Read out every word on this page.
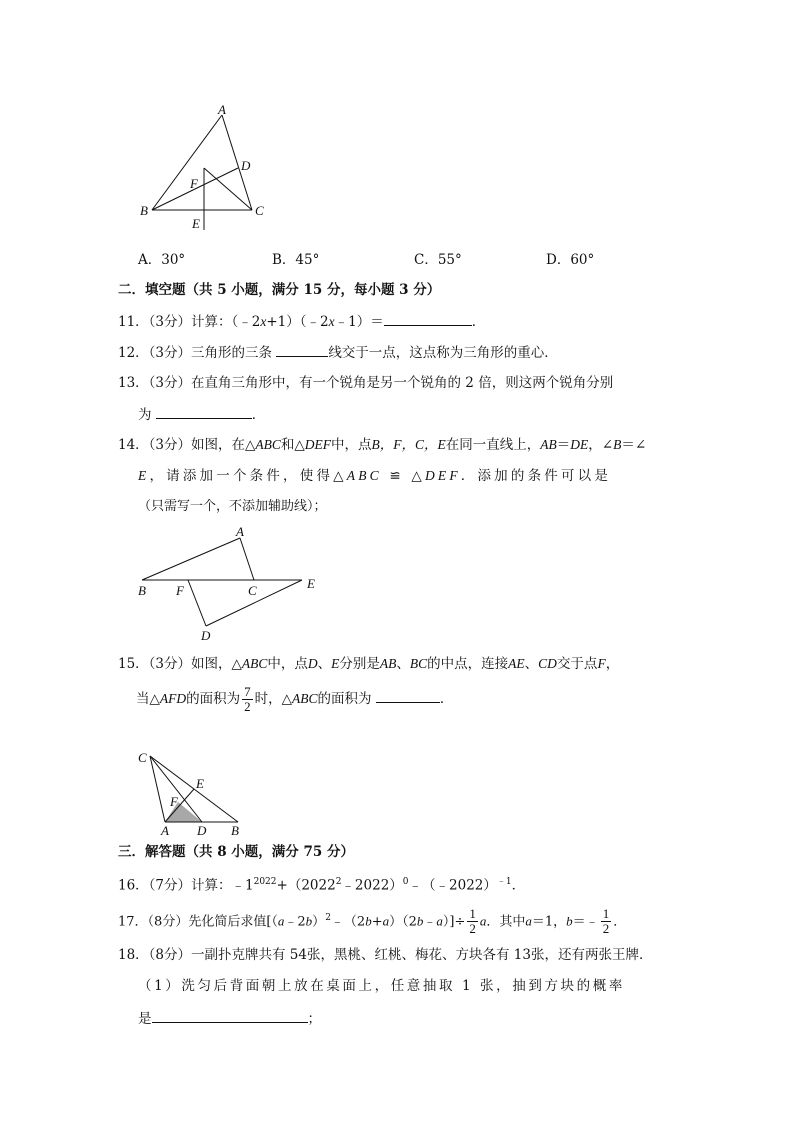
A
B	C
D
E
F
A．30°	B．45°	C．55°	D．60°
二．填空题（共 5 小题，满分 15 分，每小题 3 分）
11．（3分）计算：（﹣2x+1）（﹣2x﹣1）＝	．
12．（3分）三角形的三条	线交于一点，这点称为三角形的重心．
13．（3分）在直角三角形中，有一个锐角是另一个锐角的 2 倍，则这两个锐角分别
为	．
14．（3分）如图，在△ABC和△DEF中，点B，F，C，E在同一直线上，AB＝DE，∠B＝∠
E，请添加一个条件，使得△ABC ≌ △DEF．添加的条件可以是
（只需写一个，不添加辅助线）；
A
B	C
D
E
F
15．（3分）如图，△ABC中，点D、E分别是AB、BC的中点，连接AE、CD交于点F，
当△AFD的面积为 $\frac{7}{2}$ 时，△ABC的面积为	．
A	B
C
D
E
F
三．解答题（共 8 小题，满分 75 分）
16．（7分）计算：$﹣1^{2022}+(2022^2﹣2022)^0﹣(﹣2022)^{﹣1}$．
17．（8分）先化简后求值[（a﹣2b）$^2$﹣（2b+a）（2b﹣a）]÷ $\frac{1}{2}$ a．其中a＝1，b＝﹣ $\frac{1}{2}$ ．
18．（8分）一副扑克牌共有 54张，黑桃、红桃、梅花、方块各有 13张，还有两张王牌．
（1）洗匀后背面朝上放在桌面上，任意抽取 1 张，抽到方块的概率
是	；
